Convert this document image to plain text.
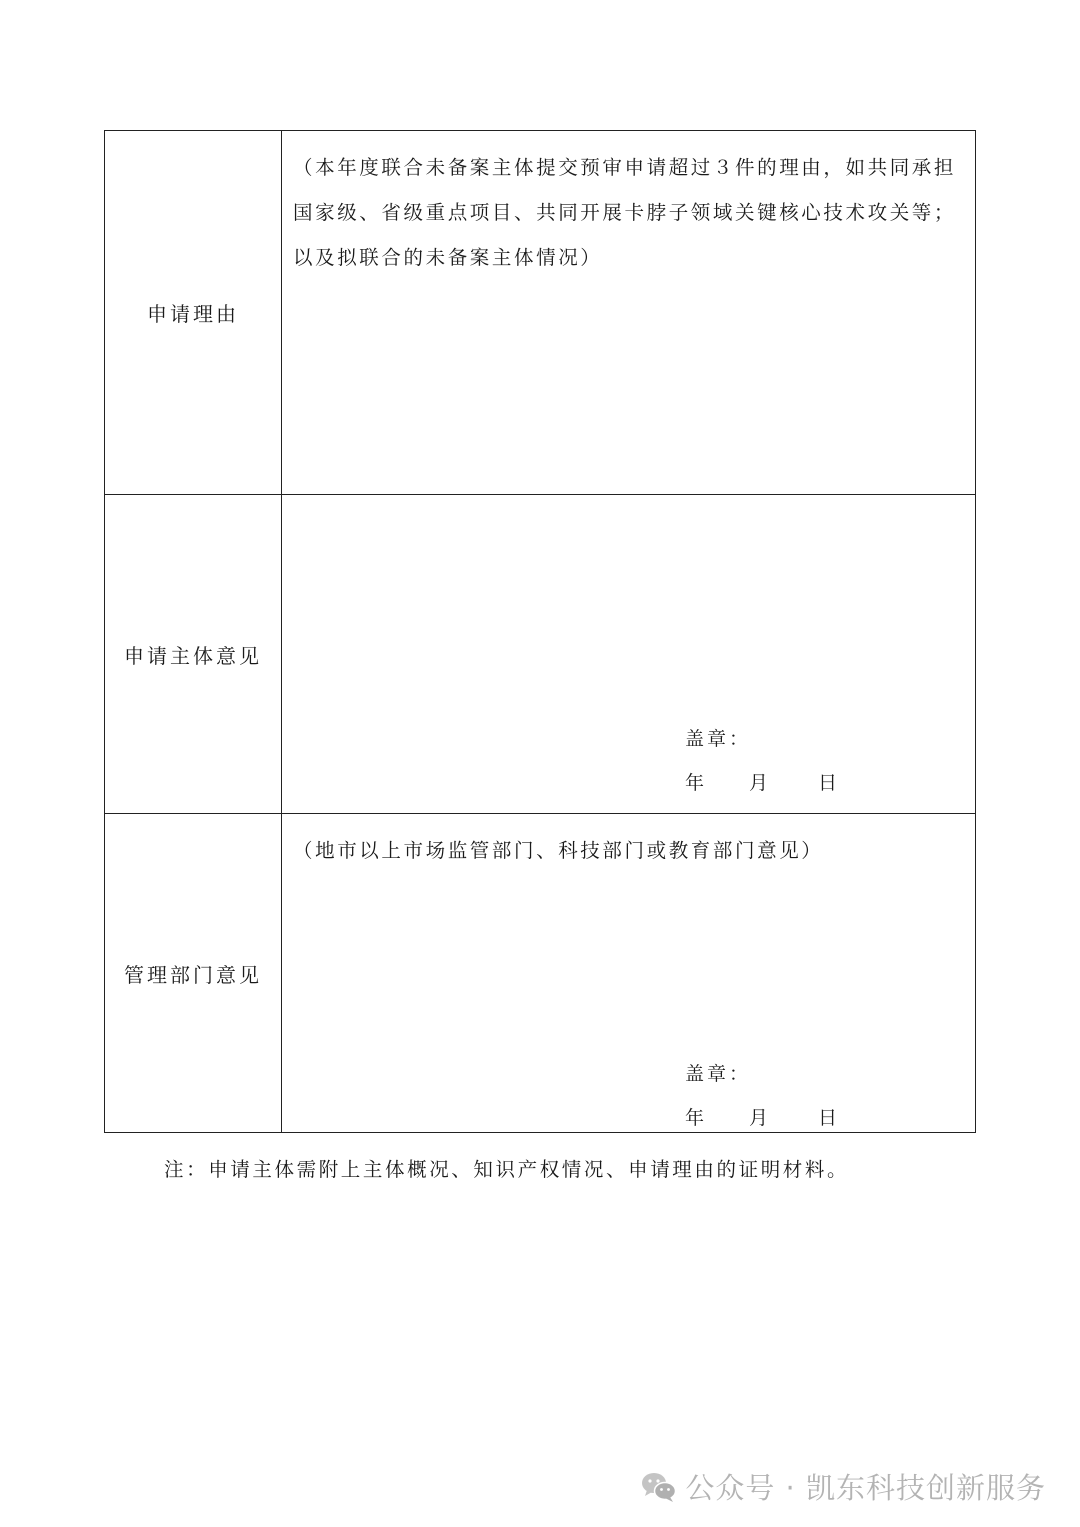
申请理由	（本年度联合未备案主体提交预审申请超过３件的理由，如共同承担国家级、省级重点项目、共同开展卡脖子领域关键核心技术攻关等；以及拟联合的未备案主体情况）

申请主体意见	盖章：
年 月 日

管理部门意见	（地市以上市场监管部门、科技部门或教育部门意见）
盖章：
年 月 日
注：申请主体需附上主体概况、知识产权情况、申请理由的证明材料。
公众号 · 凯东科技创新服务
